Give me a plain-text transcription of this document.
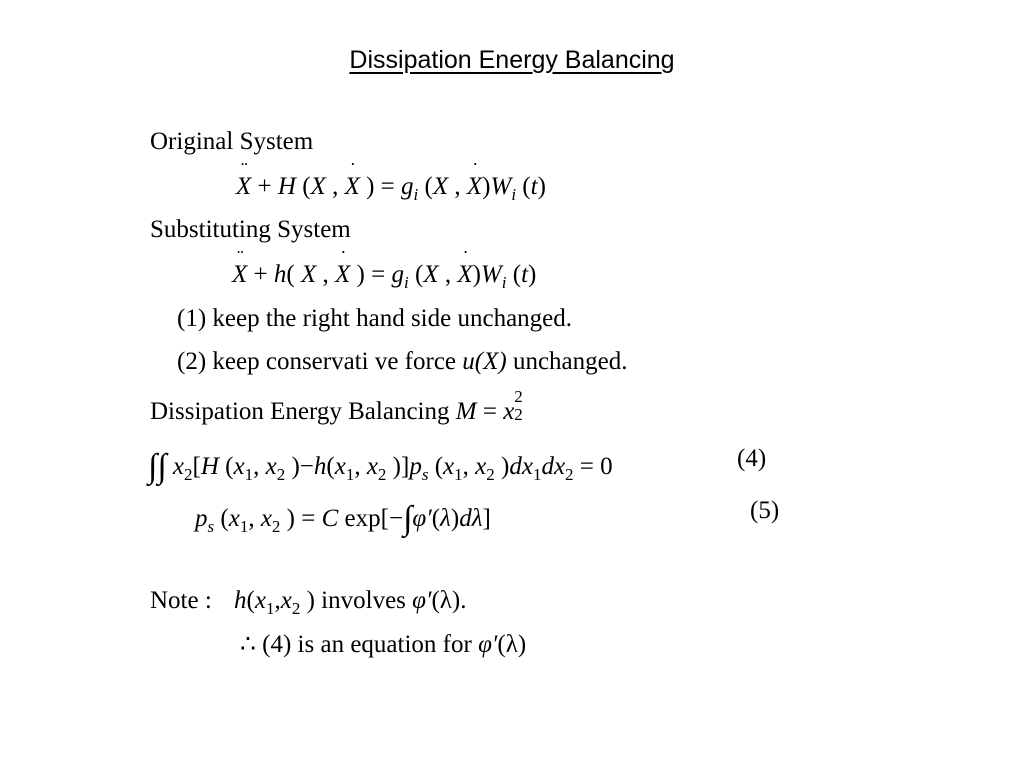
Dissipation Energy Balancing
Original System
¨ X + H (X , ˙ X ) = $g_i$ (X , ˙ $X)W_i$ (t)
Substituting System
¨ X + h( X , ˙ X ) = $g_i$ (X , ˙ $X)W_i$ (t)
(1) keep the right hand side unchanged.
(2) keep conservati ve force u(X) unchanged.
Dissipation Energy Balancing M = x
2
2
∫∫ $x_2[H$ ($x_1$, $x_2$ )$-h(x_1$, $x_2$ )]$p_s$ ($x_1$, $x_2$ )$dx_1dx_2 = 0$	(4)
$p_s$ ($x_1$, $x_2$ ) = C exp[−∫φ′(λ)dλ]	(5)
Note : $h(x_1,x_2$ ) involves φ′(λ).
∴ (4) is an equation for φ′(λ)
